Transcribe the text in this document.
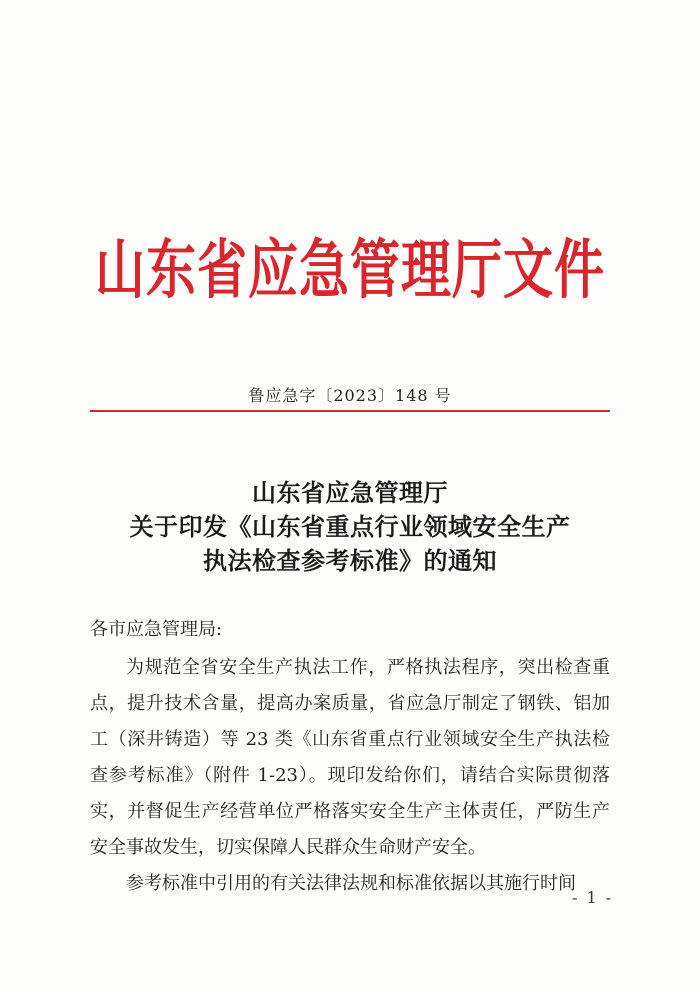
山东省应急管理厅文件
鲁应急字〔2023〕148 号
山东省应急管理厅
关于印发《山东省重点行业领域安全生产
执法检查参考标准》的通知

各市应急管理局:

为规范全省安全生产执法工作，严格执法程序，突出检查重点，提升技术含量，提高办案质量，省应急厅制定了钢铁、铝加工（深井铸造）等 23 类《山东省重点行业领域安全生产执法检查参考标准》（附件 1-23）。现印发给你们，请结合实际贯彻落实，并督促生产经营单位严格落实安全生产主体责任，严防生产安全事故发生，切实保障人民群众生命财产安全。

参考标准中引用的有关法律法规和标准依据以其施行时间

- 1 -
